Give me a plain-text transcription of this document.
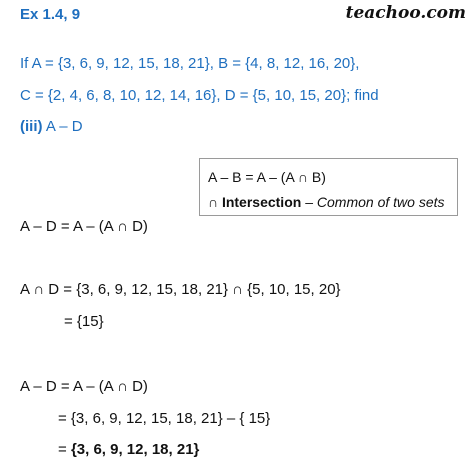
Ex 1.4, 9	teachoo.com
If A = {3, 6, 9, 12, 15, 18, 21}, B = {4, 8, 12, 16, 20},
C = {2, 4, 6, 8, 10, 12, 14, 16}, D = {5, 10, 15, 20}; find
(iii) A – D
A – B = A – (A ∩ B)
∩ Intersection – Common of two sets
A – D = A – (A ∩ D)
A ∩ D = {3, 6, 9, 12, 15, 18, 21} ∩ {5, 10, 15, 20}
= {15}
A – D = A – (A ∩ D)
= {3, 6, 9, 12, 15, 18, 21} – { 15}
= {3, 6, 9, 12, 18, 21}
